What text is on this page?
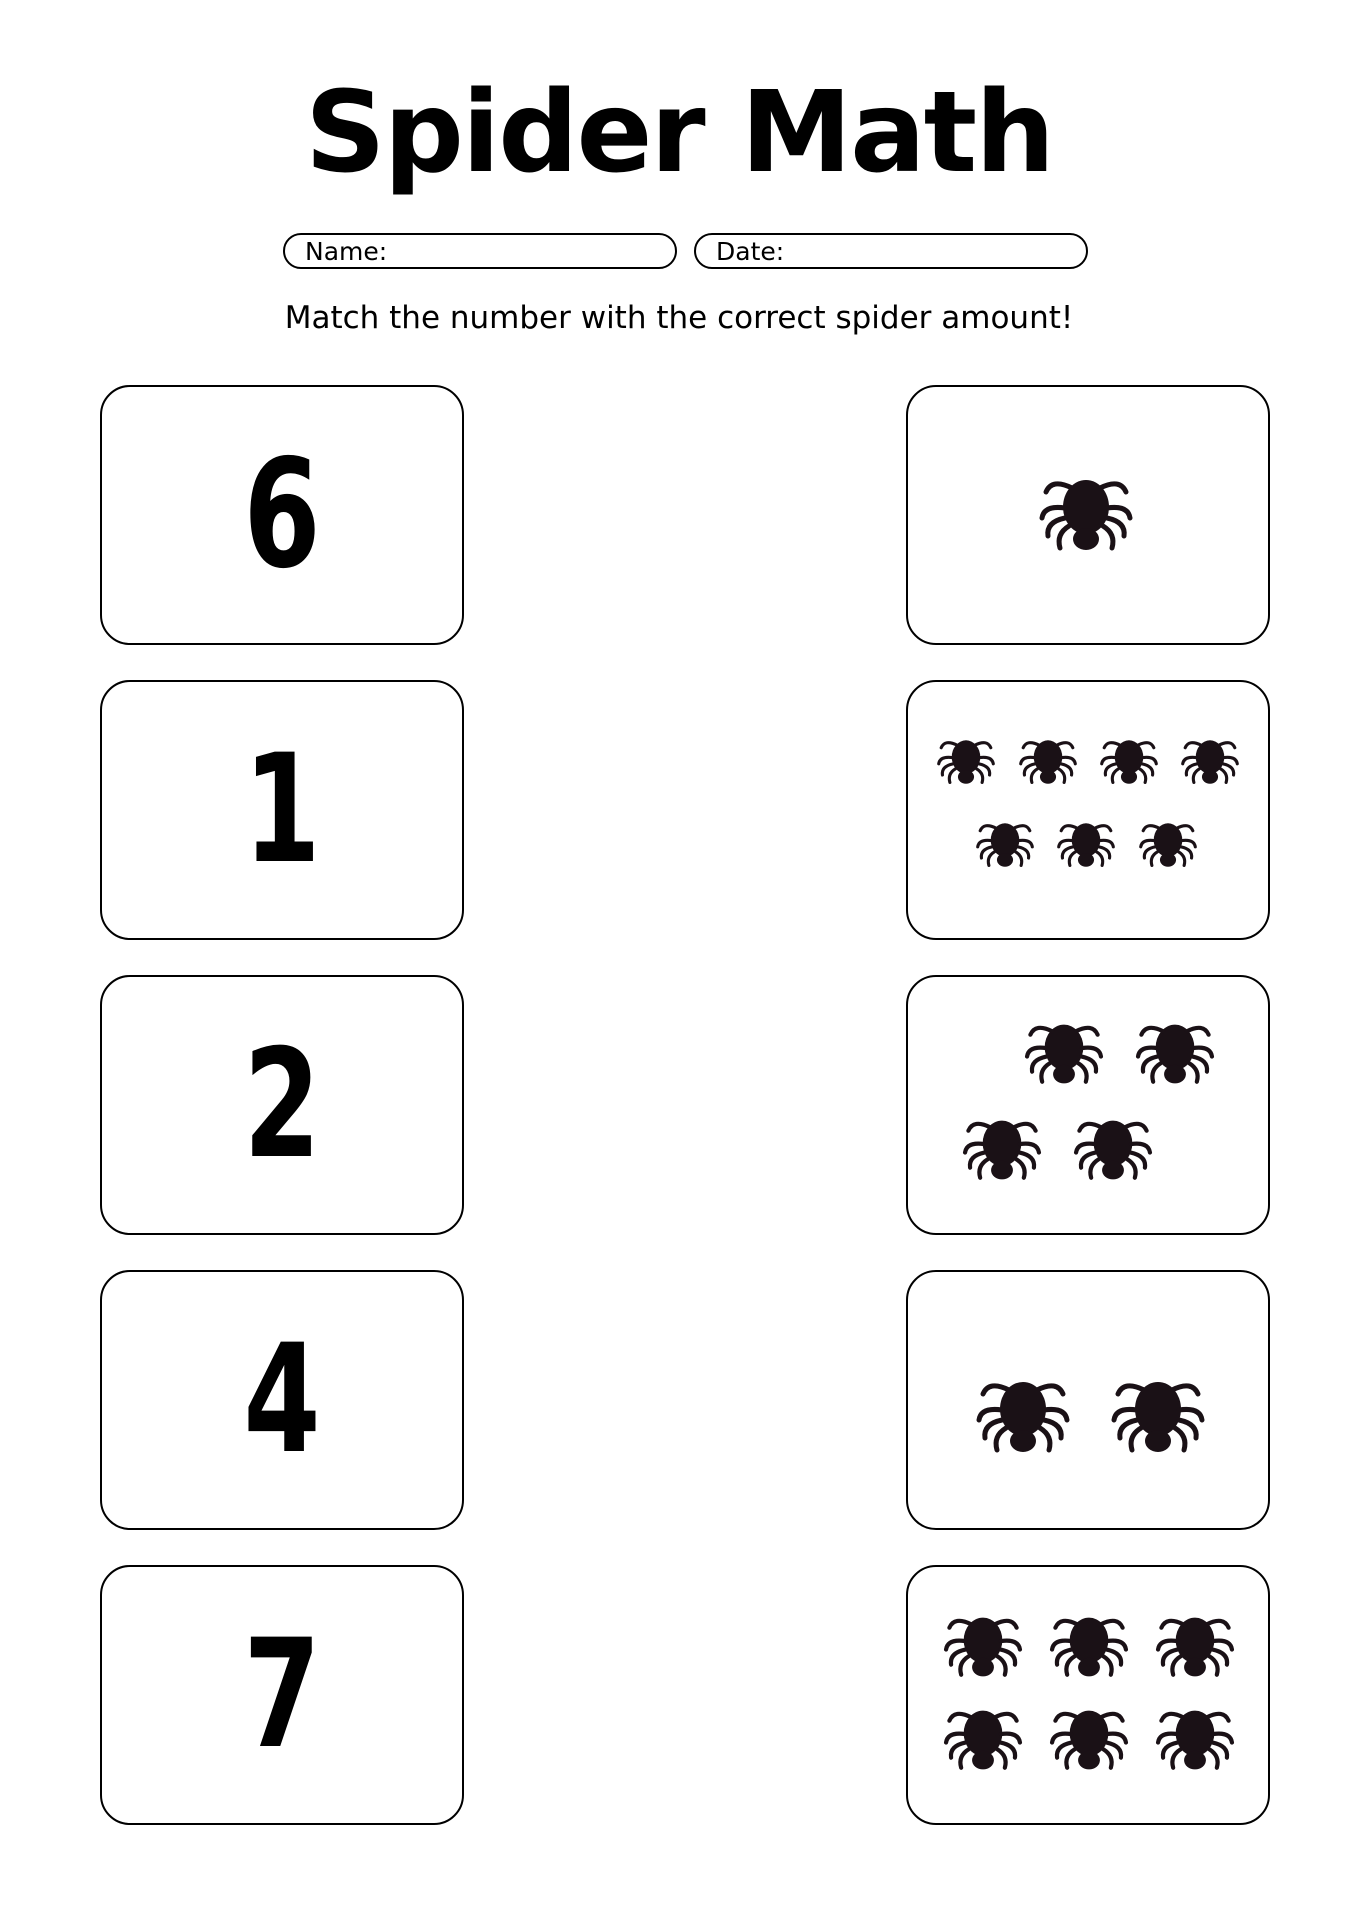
Spider Math
Name:	Date:
Match the number with the correct spider amount!
6
1
2
4
7
